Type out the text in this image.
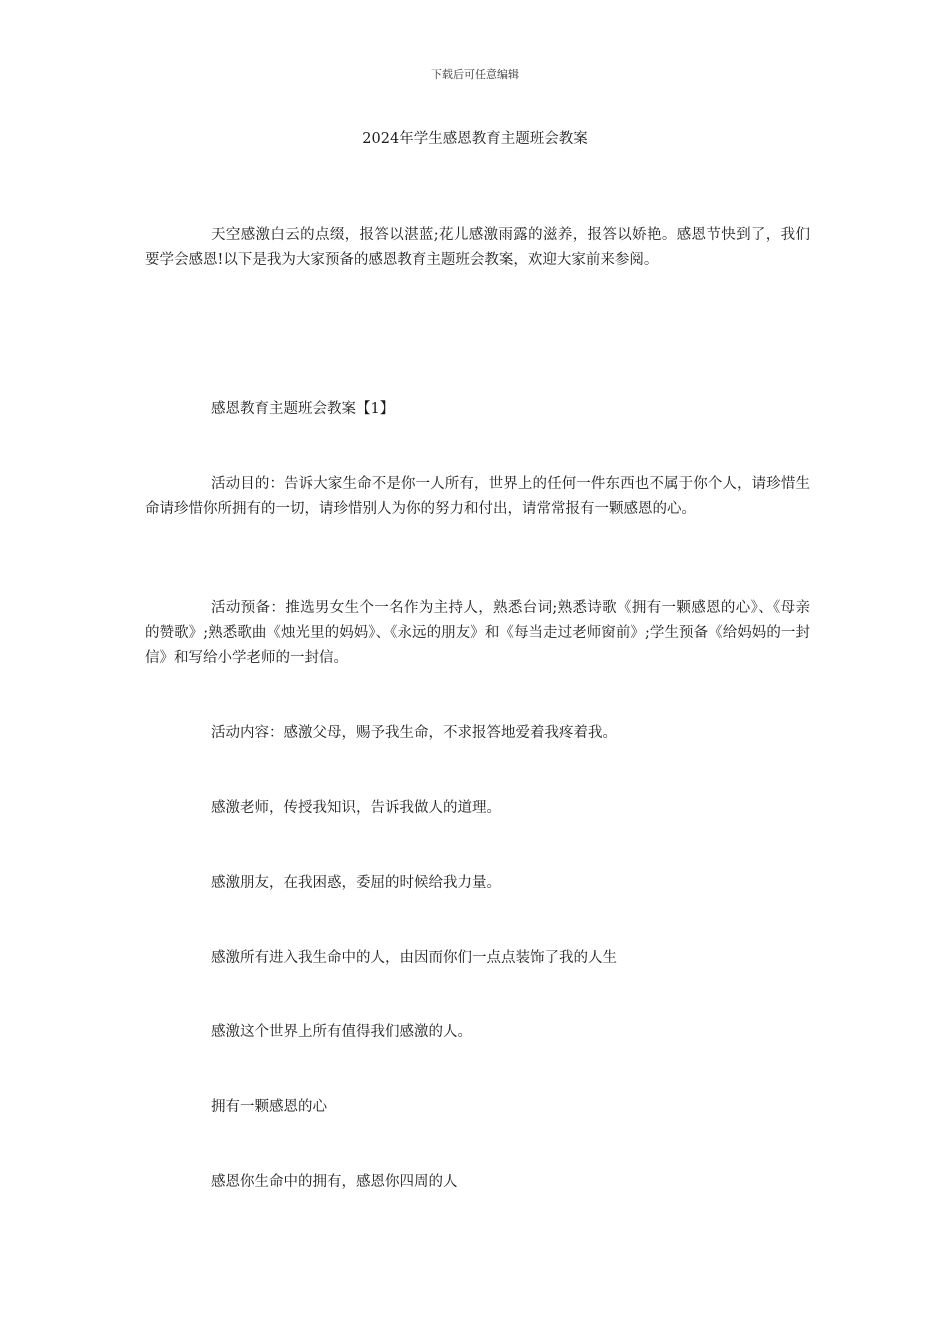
下载后可任意编辑
2024年学生感恩教育主题班会教案

天空感激白云的点缀，报答以湛蓝;花儿感激雨露的滋养，报答以娇艳。感恩节快到了，我们要学会感恩!以下是我为大家预备的感恩教育主题班会教案，欢迎大家前来参阅。

感恩教育主题班会教案【1】

活动目的：告诉大家生命不是你一人所有，世界上的任何一件东西也不属于你个人，请珍惜生命请珍惜你所拥有的一切，请珍惜别人为你的努力和付出，请常常报有一颗感恩的心。

活动预备：推选男女生个一名作为主持人，熟悉台词;熟悉诗歌《拥有一颗感恩的心》、《母亲的赞歌》;熟悉歌曲《烛光里的妈妈》、《永远的朋友》和《每当走过老师窗前》;学生预备《给妈妈的一封信》和写给小学老师的一封信。

活动内容：感激父母，赐予我生命，不求报答地爱着我疼着我。

感激老师，传授我知识，告诉我做人的道理。

感激朋友，在我困惑，委屈的时候给我力量。

感激所有进入我生命中的人，由因而你们一点点装饰了我的人生

感激这个世界上所有值得我们感激的人。

拥有一颗感恩的心

感恩你生命中的拥有，感恩你四周的人
